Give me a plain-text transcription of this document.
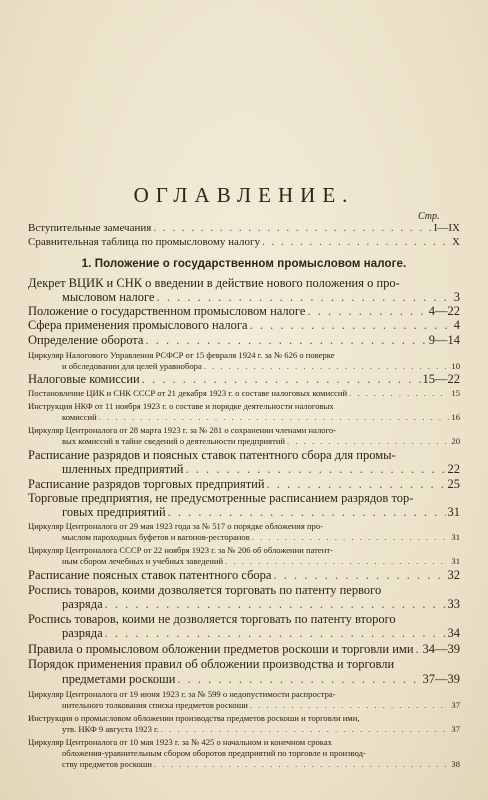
ОГЛАВЛЕНИЕ.
Стр.
Вступительные замечания . . .	I—IX
Сравнительная таблица по промысловому налогу . . .	X
1. Положение о государственном промысловом налоге.
Декрет ВЦИК и СНК о введении в действие нового положения о про-
мысловом налоге . . .	3
Положение о государственном промысловом налоге . . .	4—22
Сфера применения промыслового налога . . .	4
Определение оборота . . .	9—14
Циркуляр Налогового Управления РСФСР от 15 февраля 1924 г. за № 626 о поверке
и обследовании для целей уравнобора . . .	10
Налоговые комиссии . . .	15—22
Постановление ЦИК и СНК СССР от 21 декабря 1923 г. о составе налоговых комиссий . . .	15
Инструкция НКФ от 11 ноября 1923 г. о составе и порядке деятельности налоговых
комиссий . . .	16
Циркуляр Центроналога от 28 марта 1923 г. за № 281 о сохранении членами налого-
вых комиссий в тайне сведений о деятельности предприятий . . .	20
Расписание разрядов и поясных ставок патентного сбора для промы-
шленных предприятий . . .	22
Расписание разрядов торговых предприятий . . .	25
Торговые предприятия, не предусмотренные расписанием разрядов тор-
говых предприятий . . .	31
Циркуляр Центроналога от 29 мая 1923 года за № 517 о порядке обложения про-
мыслом пароходных буфетов и вагонов-ресторанов . . .	31
Циркуляр Центроналога СССР от 22 ноября 1923 г. за № 206 об обложении патент-
ным сбором лечебных и учебных заведений . . .	31
Расписание поясных ставок патентного сбора . . .	32
Роспись товаров, коими дозволяется торговать по патенту первого
разряда . . .	33
Роспись товаров, коими не дозволяется торговать по патенту второго
разряда . . .	34
Правила о промысловом обложении предметов роскоши и торговли ими . . . 34—39
Порядок применения правил об обложении производства и торговли
предметами роскоши . . .	37—39
Циркуляр Центроналога от 19 июня 1923 г. за № 599 о недопустимости распростра-
нительного толкования списка предметов роскоши . . .	37
Инструкция о промысловом обложении производства предметов роскоши и торговли ими,
утв. НКФ 9 августа 1923 г. . . .	37
Циркуляр Центроналога от 10 мая 1923 г. за № 425 о начальном и конечном сроках
обложения-уравнительным сбором оборотов предприятий по торговле и производ-
ству предметов роскоши . . .	38
